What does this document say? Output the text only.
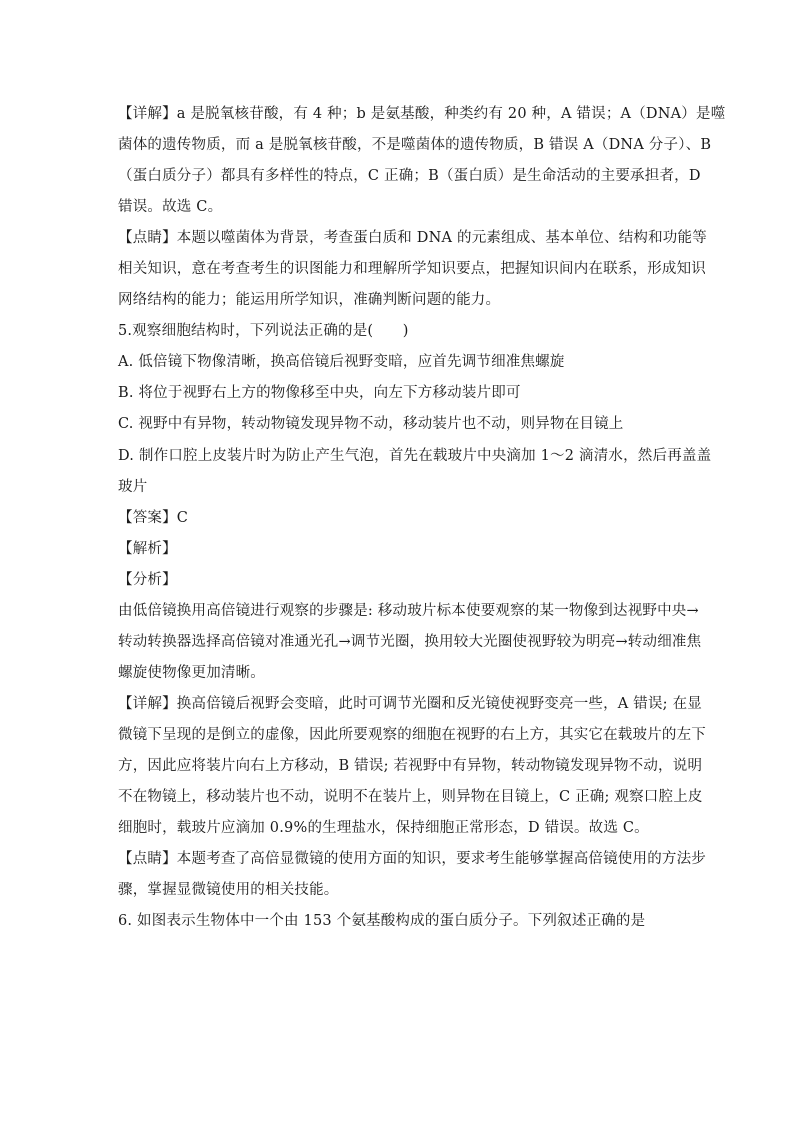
【详解】a 是脱氧核苷酸，有 4 种；b 是氨基酸，种类约有 20 种，A 错误；A（DNA）是噬
菌体的遗传物质，而 a 是脱氧核苷酸，不是噬菌体的遗传物质，B 错误 A（DNA 分子）、B
（蛋白质分子）都具有多样性的特点，C 正确；B（蛋白质）是生命活动的主要承担者，D
错误。故选 C。
【点睛】本题以噬菌体为背景，考查蛋白质和 DNA 的元素组成、基本单位、结构和功能等
相关知识，意在考查考生的识图能力和理解所学知识要点，把握知识间内在联系，形成知识
网络结构的能力；能运用所学知识，准确判断问题的能力。
5.观察细胞结构时，下列说法正确的是(　　)
A. 低倍镜下物像清晰，换高倍镜后视野变暗，应首先调节细准焦螺旋
B. 将位于视野右上方的物像移至中央，向左下方移动装片即可
C. 视野中有异物，转动物镜发现异物不动，移动装片也不动，则异物在目镜上
D. 制作口腔上皮装片时为防止产生气泡，首先在载玻片中央滴加 1～2 滴清水，然后再盖盖
玻片
【答案】C
【解析】
【分析】
由低倍镜换用高倍镜进行观察的步骤是: 移动玻片标本使要观察的某一物像到达视野中央→
转动转换器选择高倍镜对准通光孔→调节光圈，换用较大光圈使视野较为明亮→转动细准焦
螺旋使物像更加清晰。
【详解】换高倍镜后视野会变暗，此时可调节光圈和反光镜使视野变亮一些，A 错误; 在显
微镜下呈现的是倒立的虚像，因此所要观察的细胞在视野的右上方，其实它在载玻片的左下
方，因此应将装片向右上方移动，B 错误; 若视野中有异物，转动物镜发现异物不动，说明
不在物镜上，移动装片也不动，说明不在装片上，则异物在目镜上，C 正确; 观察口腔上皮
细胞时，载玻片应滴加 0.9%的生理盐水，保持细胞正常形态，D 错误。故选 C。
【点睛】本题考查了高倍显微镜的使用方面的知识，要求考生能够掌握高倍镜使用的方法步
骤，掌握显微镜使用的相关技能。
6. 如图表示生物体中一个由 153 个氨基酸构成的蛋白质分子。下列叙述正确的是
